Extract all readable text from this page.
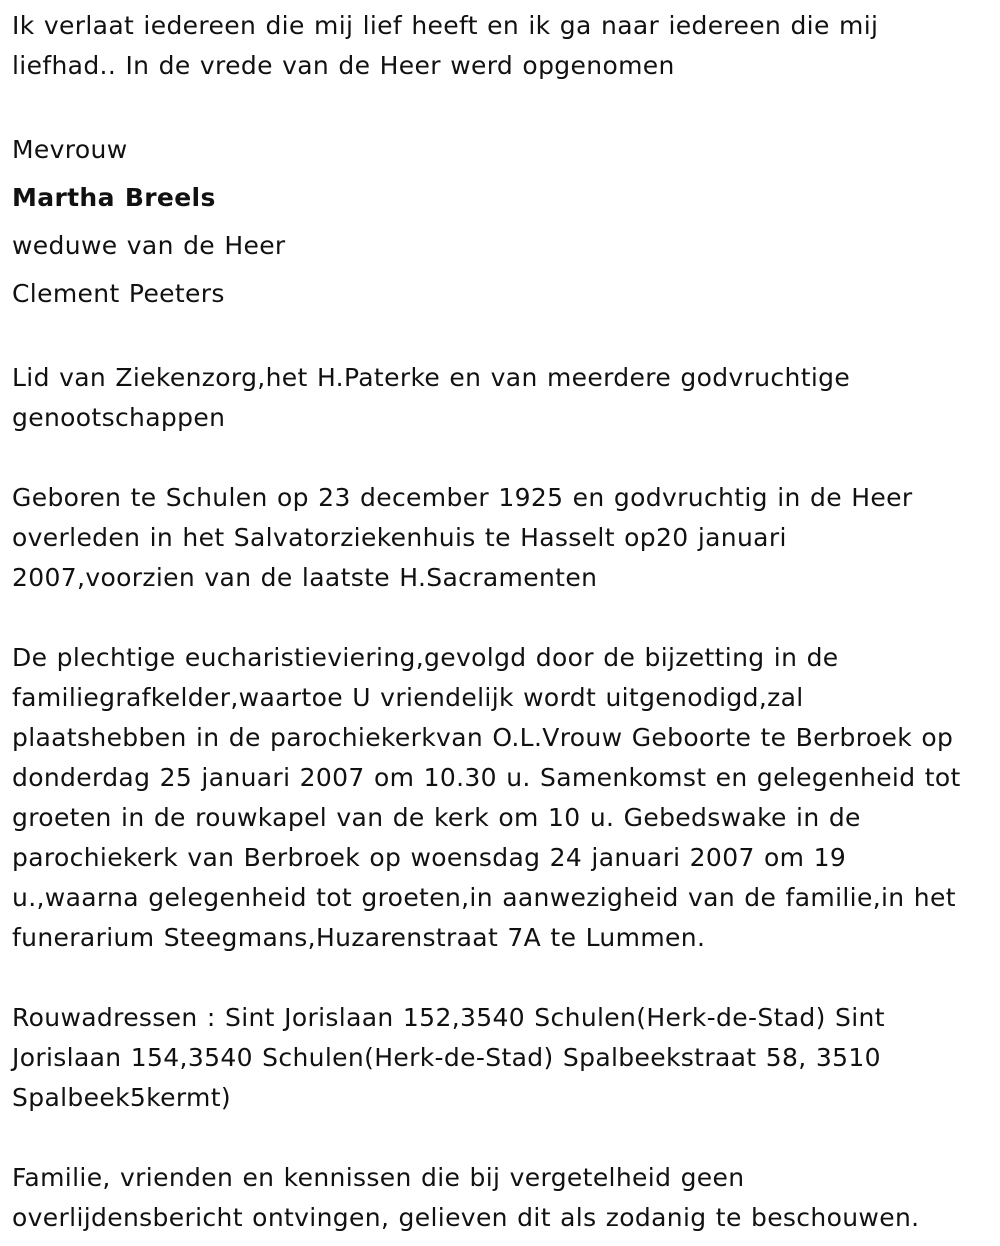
Ik verlaat iedereen die mij lief heeft en ik ga naar iedereen die mij

liefhad.. In de vrede van de Heer werd opgenomen

Mevrouw

Martha Breels

weduwe van de Heer

Clement Peeters

Lid van Ziekenzorg,het H.Paterke en van meerdere godvruchtige

genootschappen

Geboren te Schulen op 23 december 1925 en godvruchtig in de Heer

overleden in het Salvatorziekenhuis te Hasselt op20 januari

2007,voorzien van de laatste H.Sacramenten

De plechtige eucharistieviering,gevolgd door de bijzetting in de

familiegrafkelder,waartoe U vriendelijk wordt uitgenodigd,zal

plaatshebben in de parochiekerkvan O.L.Vrouw Geboorte te Berbroek op

donderdag 25 januari 2007 om 10.30 u. Samenkomst en gelegenheid tot

groeten in de rouwkapel van de kerk om 10 u. Gebedswake in de

parochiekerk van Berbroek op woensdag 24 januari 2007 om 19

u.,waarna gelegenheid tot groeten,in aanwezigheid van de familie,in het

funerarium Steegmans,Huzarenstraat 7A te Lummen.

Rouwadressen : Sint Jorislaan 152,3540 Schulen(Herk-de-Stad) Sint

Jorislaan 154,3540 Schulen(Herk-de-Stad) Spalbeekstraat 58, 3510

Spalbeek5kermt)

Familie, vrienden en kennissen die bij vergetelheid geen

overlijdensbericht ontvingen, gelieven dit als zodanig te beschouwen.
